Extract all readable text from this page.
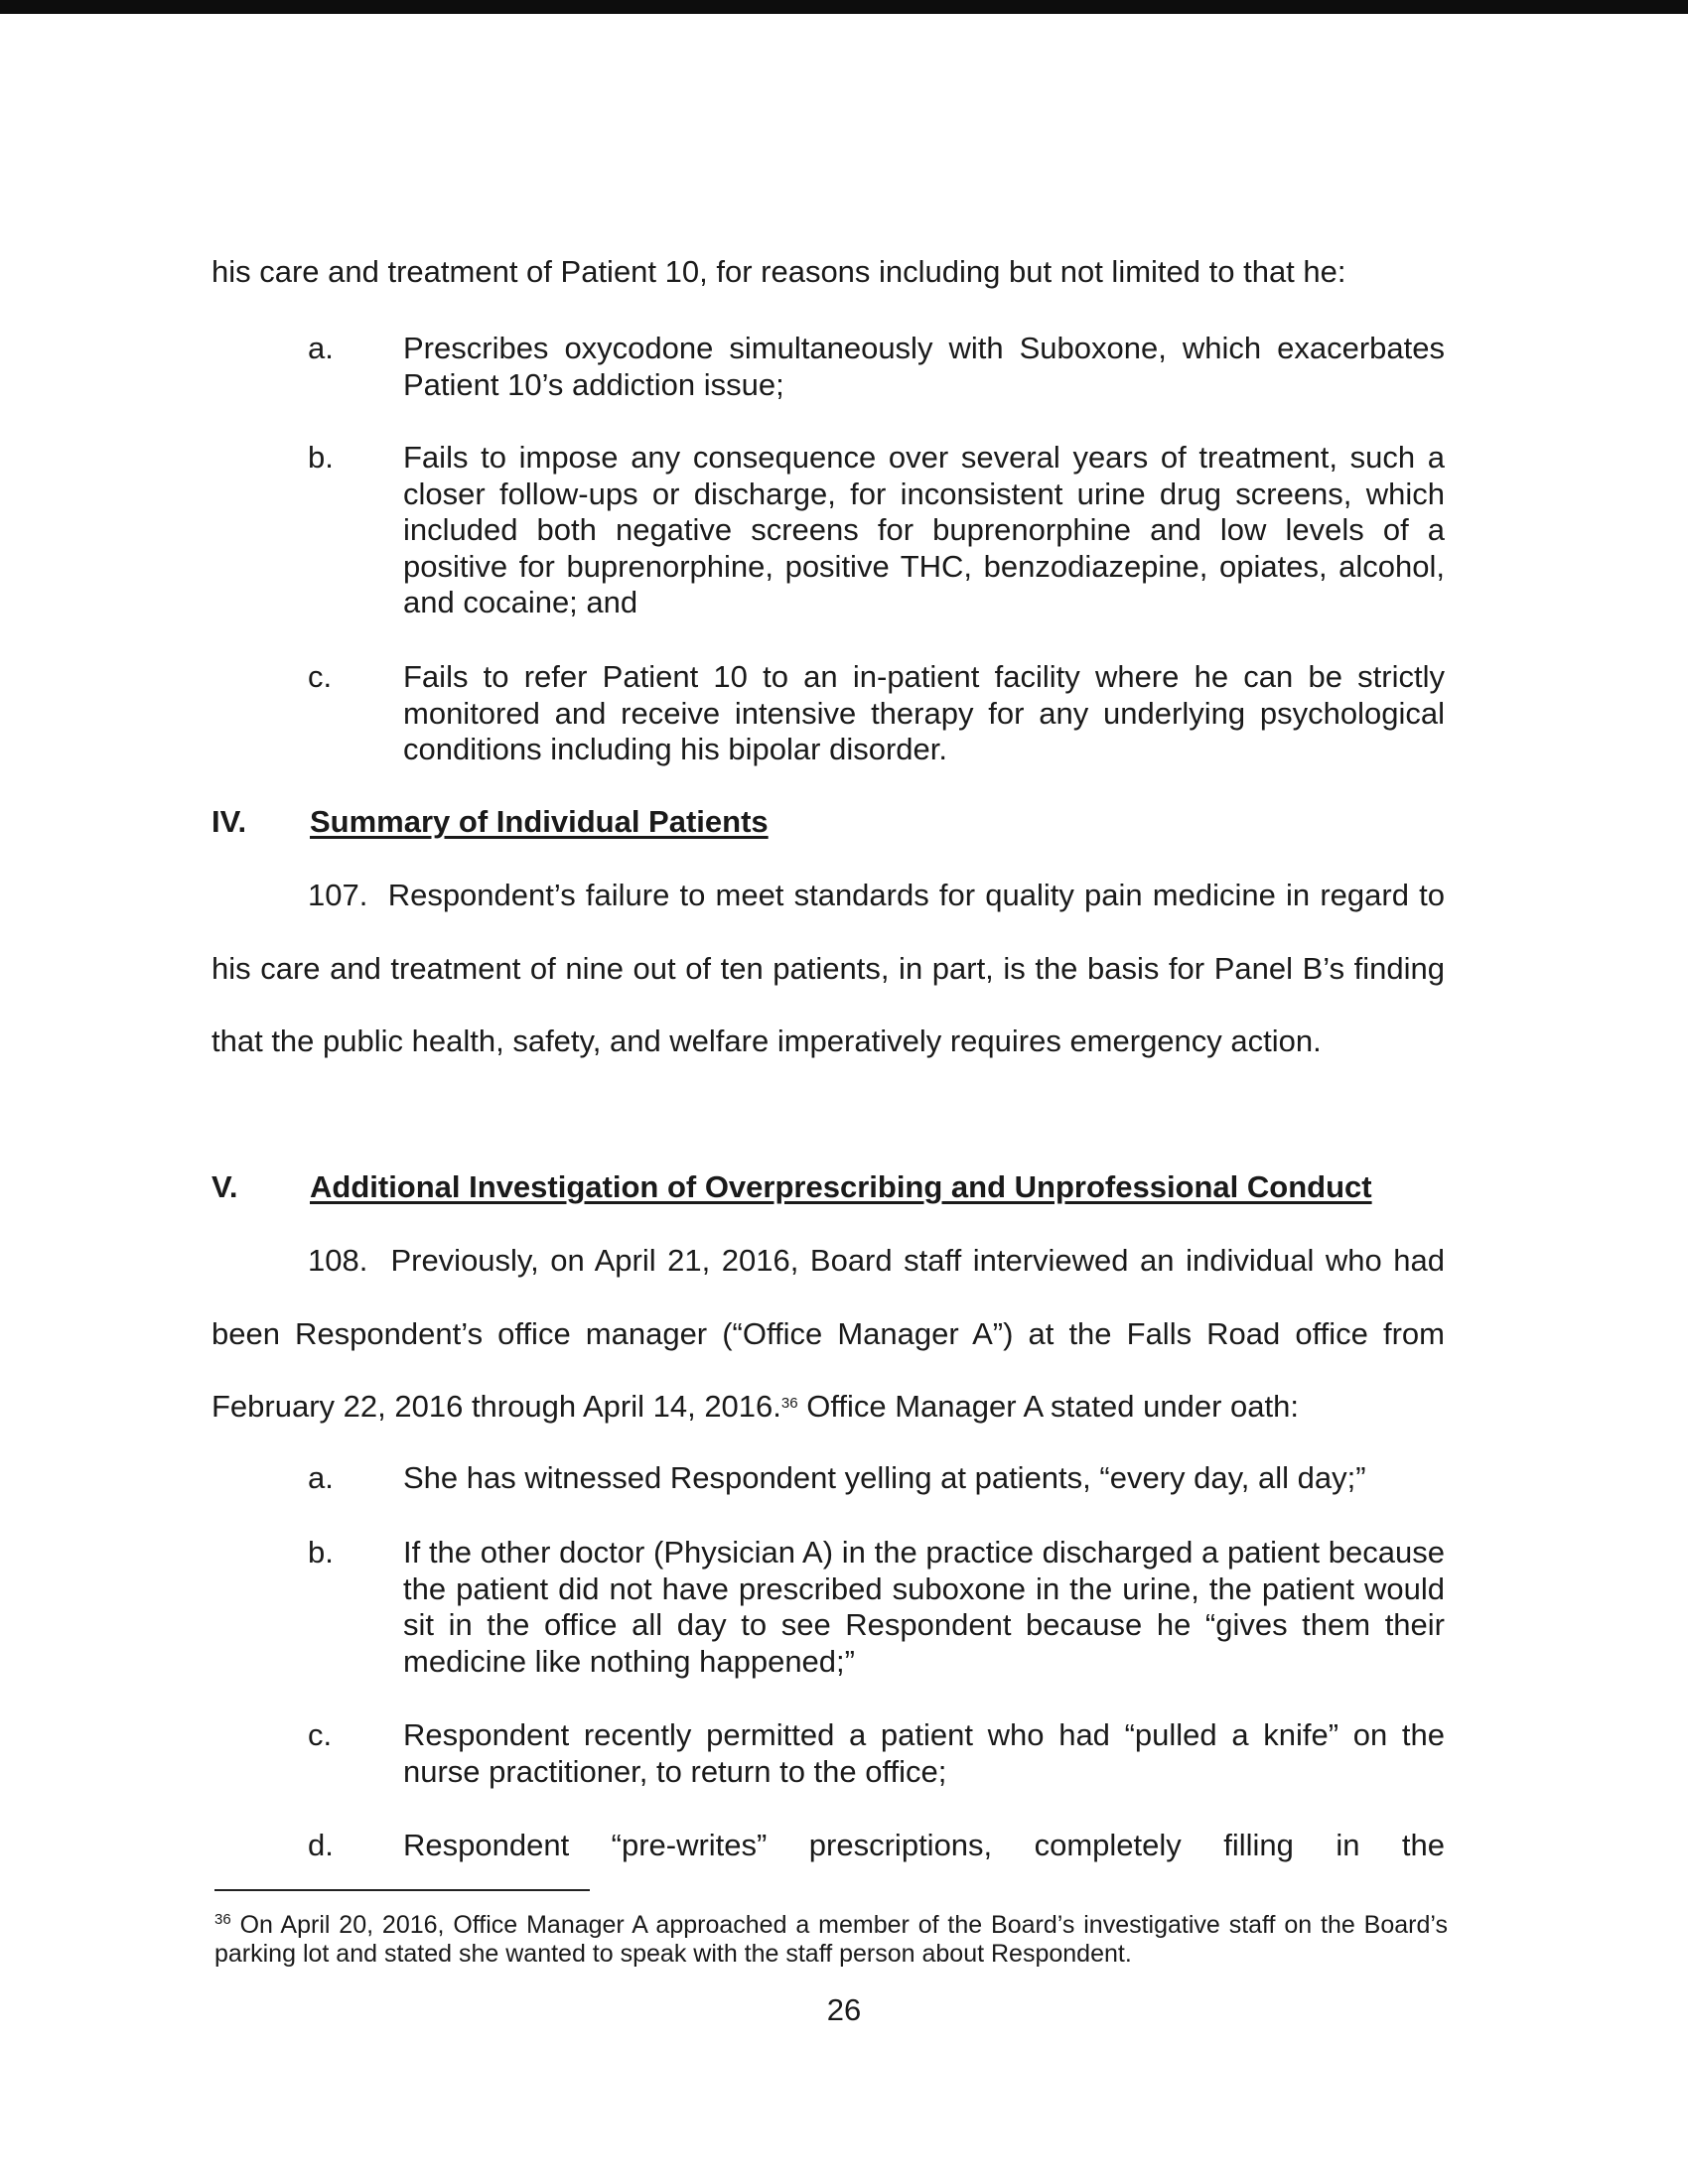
his care and treatment of Patient 10, for reasons including but not limited to that he:
a. Prescribes oxycodone simultaneously with Suboxone, which exacerbates Patient 10’s addiction issue;
b. Fails to impose any consequence over several years of treatment, such a closer follow-ups or discharge, for inconsistent urine drug screens, which included both negative screens for buprenorphine and low levels of a positive for buprenorphine, positive THC, benzodiazepine, opiates, alcohol, and cocaine; and
c. Fails to refer Patient 10 to an in-patient facility where he can be strictly monitored and receive intensive therapy for any underlying psychological conditions including his bipolar disorder.
IV. Summary of Individual Patients
107. Respondent’s failure to meet standards for quality pain medicine in regard to his care and treatment of nine out of ten patients, in part, is the basis for Panel B’s finding that the public health, safety, and welfare imperatively requires emergency action.
V. Additional Investigation of Overprescribing and Unprofessional Conduct
108. Previously, on April 21, 2016, Board staff interviewed an individual who had been Respondent’s office manager (“Office Manager A”) at the Falls Road office from February 22, 2016 through April 14, 2016.36 Office Manager A stated under oath:
a. She has witnessed Respondent yelling at patients, “every day, all day;”
b. If the other doctor (Physician A) in the practice discharged a patient because the patient did not have prescribed suboxone in the urine, the patient would sit in the office all day to see Respondent because he “gives them their medicine like nothing happened;”
c. Respondent recently permitted a patient who had “pulled a knife” on the nurse practitioner, to return to the office;
d. Respondent “pre-writes” prescriptions, completely filling in the
$^{36}$ On April 20, 2016, Office Manager A approached a member of the Board’s investigative staff on the Board’s parking lot and stated she wanted to speak with the staff person about Respondent.
26
